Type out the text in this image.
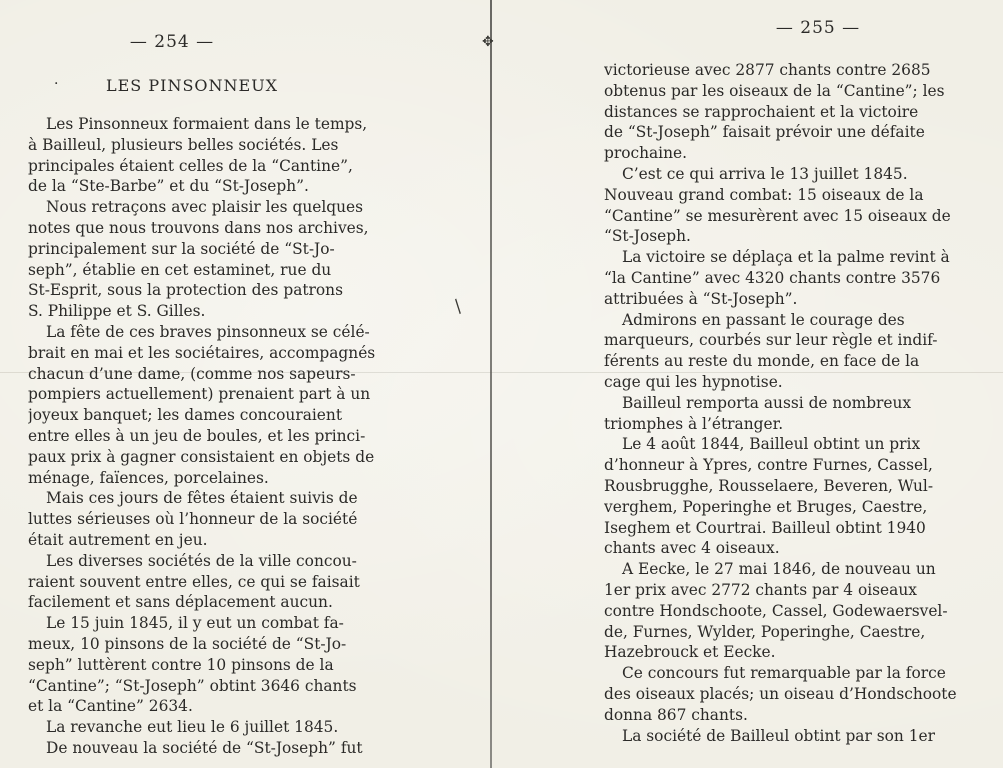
/
✥
— 254 —
·	LES PINSONNEUX
Les Pinsonneux formaient dans le temps,
à Bailleul, plusieurs belles sociétés. Les
principales étaient celles de la “Cantine”,
de la “Ste-Barbe” et du “St-Joseph”.
Nous retraçons avec plaisir les quelques
notes que nous trouvons dans nos archives,
principalement sur la société de “St-Jo-
seph”, établie en cet estaminet, rue du
St-Esprit, sous la protection des patrons
S. Philippe et S. Gilles.
La fête de ces braves pinsonneux se célé-
brait en mai et les sociétaires, accompagnés
chacun d’une dame, (comme nos sapeurs-
pompiers actuellement) prenaient part à un
joyeux banquet; les dames concouraient
entre elles à un jeu de boules, et les princi-
paux prix à gagner consistaient en objets de
ménage, faïences, porcelaines.
Mais ces jours de fêtes étaient suivis de
luttes sérieuses où l’honneur de la société
était autrement en jeu.
Les diverses sociétés de la ville concou-
raient souvent entre elles, ce qui se faisait
facilement et sans déplacement aucun.
Le 15 juin 1845, il y eut un combat fa-
meux, 10 pinsons de la société de “St-Jo-
seph” luttèrent contre 10 pinsons de la
“Cantine”; “St-Joseph” obtint 3646 chants
et la “Cantine” 2634.
La revanche eut lieu le 6 juillet 1845.
De nouveau la société de “St-Joseph” fut
— 255 —
victorieuse avec 2877 chants contre 2685
obtenus par les oiseaux de la “Cantine”; les
distances se rapprochaient et la victoire
de “St-Joseph” faisait prévoir une défaite
prochaine.
C’est ce qui arriva le 13 juillet 1845.
Nouveau grand combat: 15 oiseaux de la
“Cantine” se mesurèrent avec 15 oiseaux de
“St-Joseph.
La victoire se déplaça et la palme revint à
“la Cantine” avec 4320 chants contre 3576
attribuées à “St-Joseph”.
Admirons en passant le courage des
marqueurs, courbés sur leur règle et indif-
férents au reste du monde, en face de la
cage qui les hypnotise.
Bailleul remporta aussi de nombreux
triomphes à l’étranger.
Le 4 août 1844, Bailleul obtint un prix
d’honneur à Ypres, contre Furnes, Cassel,
Rousbrugghe, Rousselaere, Beveren, Wul-
verghem, Poperinghe et Bruges, Caestre,
Iseghem et Courtrai. Bailleul obtint 1940
chants avec 4 oiseaux.
A Eecke, le 27 mai 1846, de nouveau un
1er prix avec 2772 chants par 4 oiseaux
contre Hondschoote, Cassel, Godewaersvel-
de, Furnes, Wylder, Poperinghe, Caestre,
Hazebrouck et Eecke.
Ce concours fut remarquable par la force
des oiseaux placés; un oiseau d’Hondschoote
donna 867 chants.
La société de Bailleul obtint par son 1er
